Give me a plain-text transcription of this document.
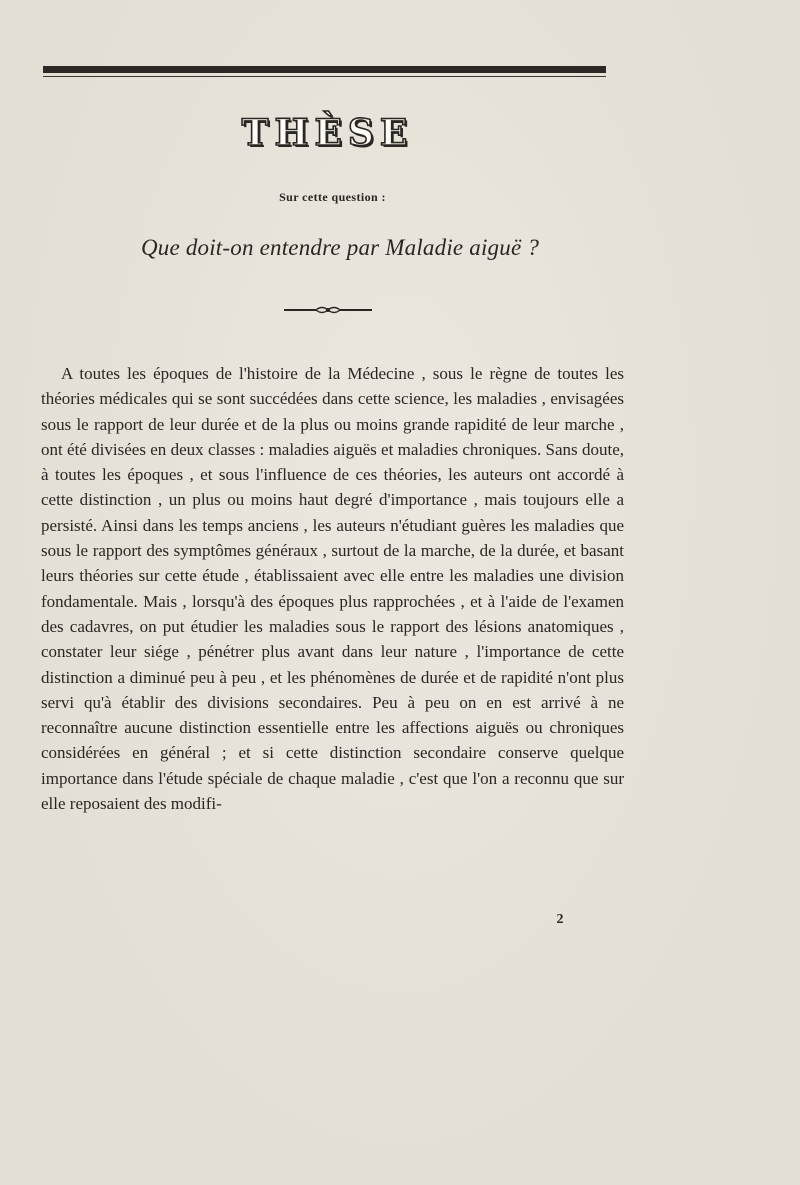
THÈSE
Sur cette question :
Que doit-on entendre par Maladie aiguë ?

A toutes les époques de l'histoire de la Médecine , sous le règne de toutes les théories médicales qui se sont succédées dans cette science, les maladies , envisagées sous le rapport de leur durée et de la plus ou moins grande rapidité de leur marche , ont été divisées en deux classes : maladies aiguës et maladies chroniques. Sans doute, à toutes les époques , et sous l'influence de ces théories, les auteurs ont accordé à cette distinction , un plus ou moins haut degré d'importance , mais toujours elle a persisté. Ainsi dans les temps anciens , les auteurs n'étudiant guères les maladies que sous le rapport des symptômes généraux , surtout de la marche, de la durée, et basant leurs théories sur cette étude , établissaient avec elle entre les maladies une division fondamentale. Mais , lorsqu'à des époques plus rapprochées , et à l'aide de l'examen des cadavres, on put étudier les maladies sous le rapport des lésions anatomiques , constater leur siége , pénétrer plus avant dans leur nature , l'importance de cette distinction a diminué peu à peu , et les phénomènes de durée et de rapidité n'ont plus servi qu'à établir des divisions secondaires. Peu à peu on en est arrivé à ne reconnaître aucune distinction essentielle entre les affections aiguës ou chroniques considérées en général ; et si cette distinction secondaire conserve quelque importance dans l'étude spéciale de chaque maladie , c'est que l'on a reconnu que sur elle reposaient des modifi-

2
